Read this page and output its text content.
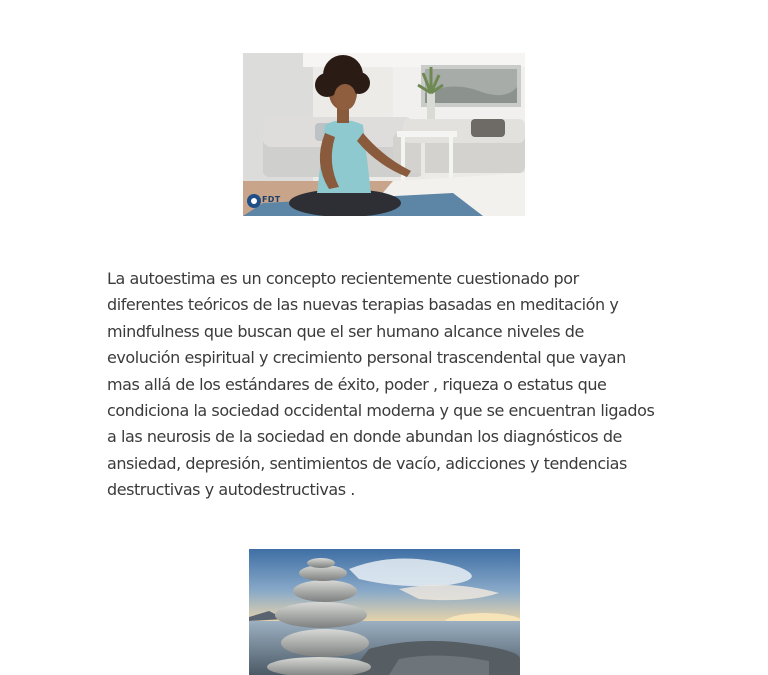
FDT

La autoestima es un concepto recientemente cuestionado por diferentes teóricos de las nuevas terapias basadas en meditación y mindfulness que buscan que el ser humano alcance niveles de evolución espiritual y crecimiento personal trascendental que vayan mas allá de los estándares de éxito, poder , riqueza o estatus que condiciona la sociedad occidental moderna y que se encuentran ligados a las neurosis de la sociedad en donde abundan los diagnósticos de ansiedad, depresión, sentimientos de vacío, adicciones y tendencias destructivas y autodestructivas .
